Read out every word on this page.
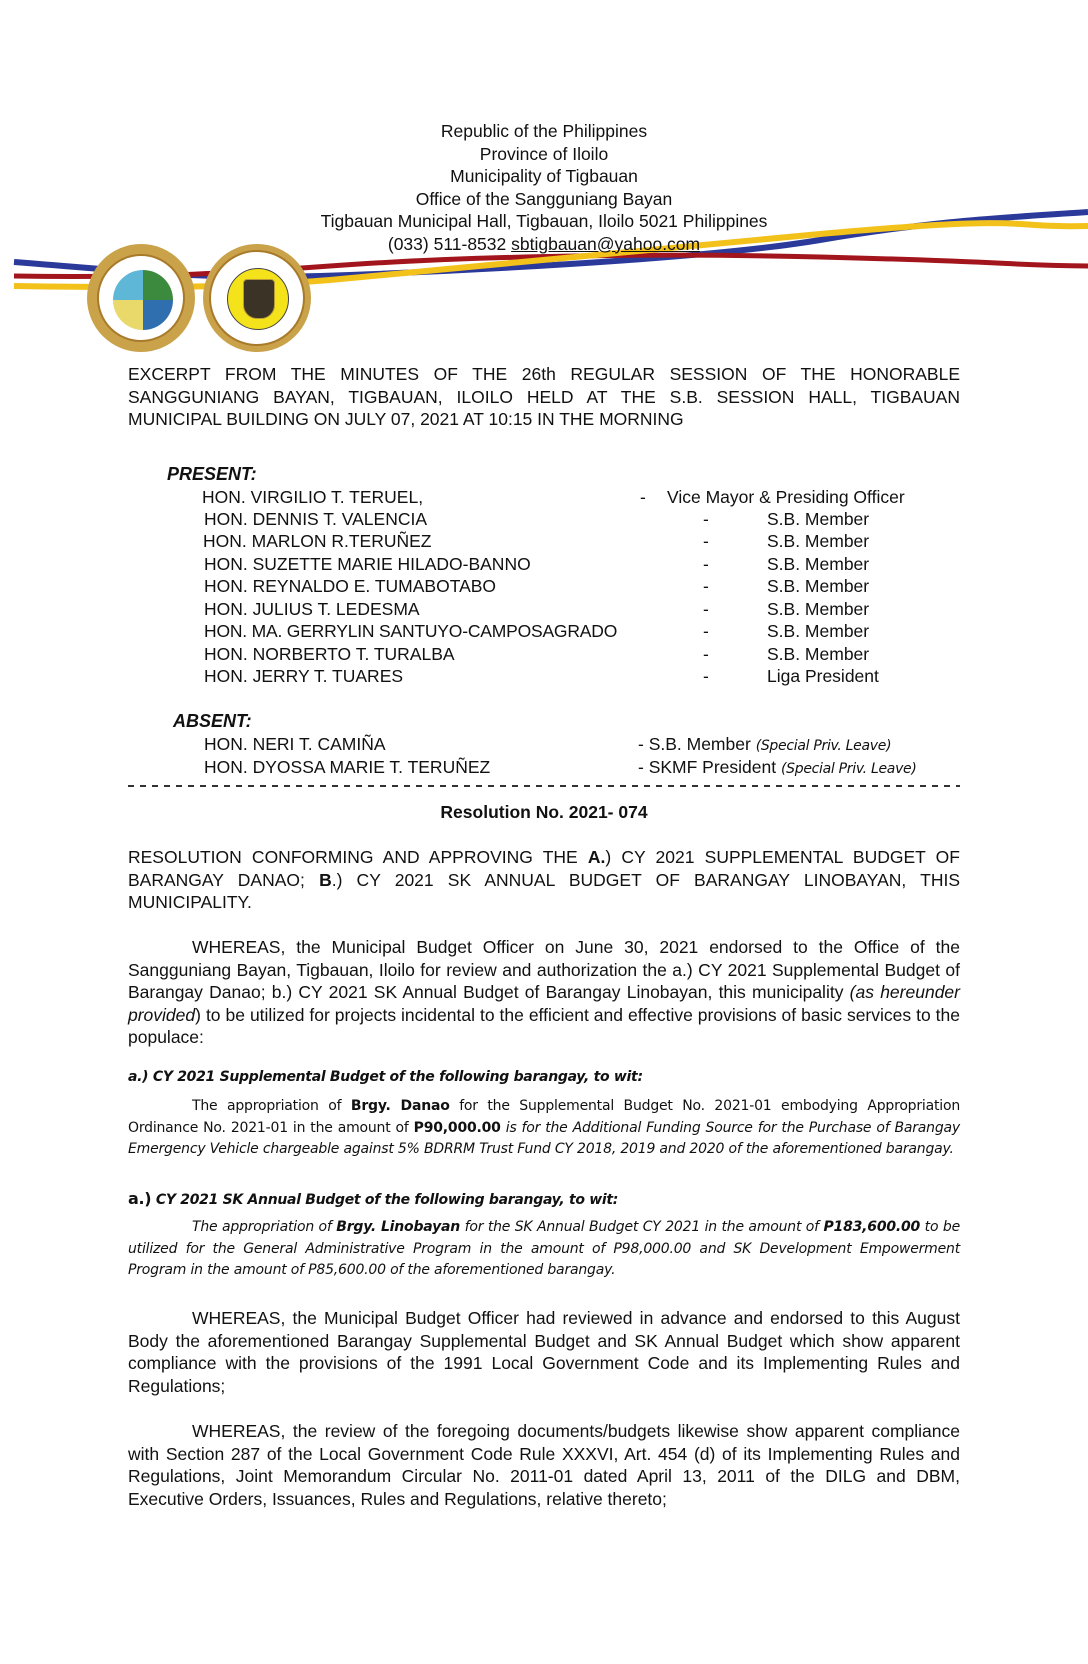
Republic of the Philippines
Province of Iloilo
Municipality of Tigbauan
Office of the Sangguniang Bayan
Tigbauan Municipal Hall, Tigbauan, Iloilo 5021 Philippines
(033) 511-8532 sbtigbauan@yahoo.com
EXCERPT FROM THE MINUTES OF THE 26th REGULAR SESSION OF THE HONORABLE SANGGUNIANG BAYAN, TIGBAUAN, ILOILO HELD AT THE S.B. SESSION HALL, TIGBAUAN MUNICIPAL BUILDING ON JULY 07, 2021 AT 10:15 IN THE MORNING
PRESENT:
HON. VIRGILIO T. TERUEL,	- Vice Mayor & Presiding Officer
HON. DENNIS T. VALENCIA	-	S.B. Member
HON. MARLON R.TERUÑEZ	-	S.B. Member
HON. SUZETTE MARIE HILADO-BANNO	-	S.B. Member
HON. REYNALDO E. TUMABOTABO	-	S.B. Member
HON. JULIUS T. LEDESMA	-	S.B. Member
HON. MA. GERRYLIN SANTUYO-CAMPOSAGRADO	-	S.B. Member
HON. NORBERTO T. TURALBA	-	S.B. Member
HON. JERRY T. TUARES	-	Liga President
ABSENT:
HON. NERI T. CAMIÑA	- S.B. Member (Special Priv. Leave)
HON. DYOSSA MARIE T. TERUÑEZ	- SKMF President (Special Priv. Leave)
Resolution No. 2021- 074
RESOLUTION CONFORMING AND APPROVING THE A.) CY 2021 SUPPLEMENTAL BUDGET OF BARANGAY DANAO; B.) CY 2021 SK ANNUAL BUDGET OF BARANGAY LINOBAYAN, THIS MUNICIPALITY.
WHEREAS, the Municipal Budget Officer on June 30, 2021 endorsed to the Office of the Sangguniang Bayan, Tigbauan, Iloilo for review and authorization the a.) CY 2021 Supplemental Budget of Barangay Danao; b.) CY 2021 SK Annual Budget of Barangay Linobayan, this municipality (as hereunder provided) to be utilized for projects incidental to the efficient and effective provisions of basic services to the populace:
a.) CY 2021 Supplemental Budget of the following barangay, to wit:
The appropriation of Brgy. Danao for the Supplemental Budget No. 2021-01 embodying Appropriation Ordinance No. 2021-01 in the amount of P90,000.00 is for the Additional Funding Source for the Purchase of Barangay Emergency Vehicle chargeable against 5% BDRRM Trust Fund CY 2018, 2019 and 2020 of the aforementioned barangay.
a.) CY 2021 SK Annual Budget of the following barangay, to wit:
The appropriation of Brgy. Linobayan for the SK Annual Budget CY 2021 in the amount of P183,600.00 to be utilized for the General Administrative Program in the amount of P98,000.00 and SK Development Empowerment Program in the amount of P85,600.00 of the aforementioned barangay.
WHEREAS, the Municipal Budget Officer had reviewed in advance and endorsed to this August Body the aforementioned Barangay Supplemental Budget and SK Annual Budget which show apparent compliance with the provisions of the 1991 Local Government Code and its Implementing Rules and Regulations;
WHEREAS, the review of the foregoing documents/budgets likewise show apparent compliance with Section 287 of the Local Government Code Rule XXXVI, Art. 454 (d) of its Implementing Rules and Regulations, Joint Memorandum Circular No. 2011-01 dated April 13, 2011 of the DILG and DBM, Executive Orders, Issuances, Rules and Regulations, relative thereto;
